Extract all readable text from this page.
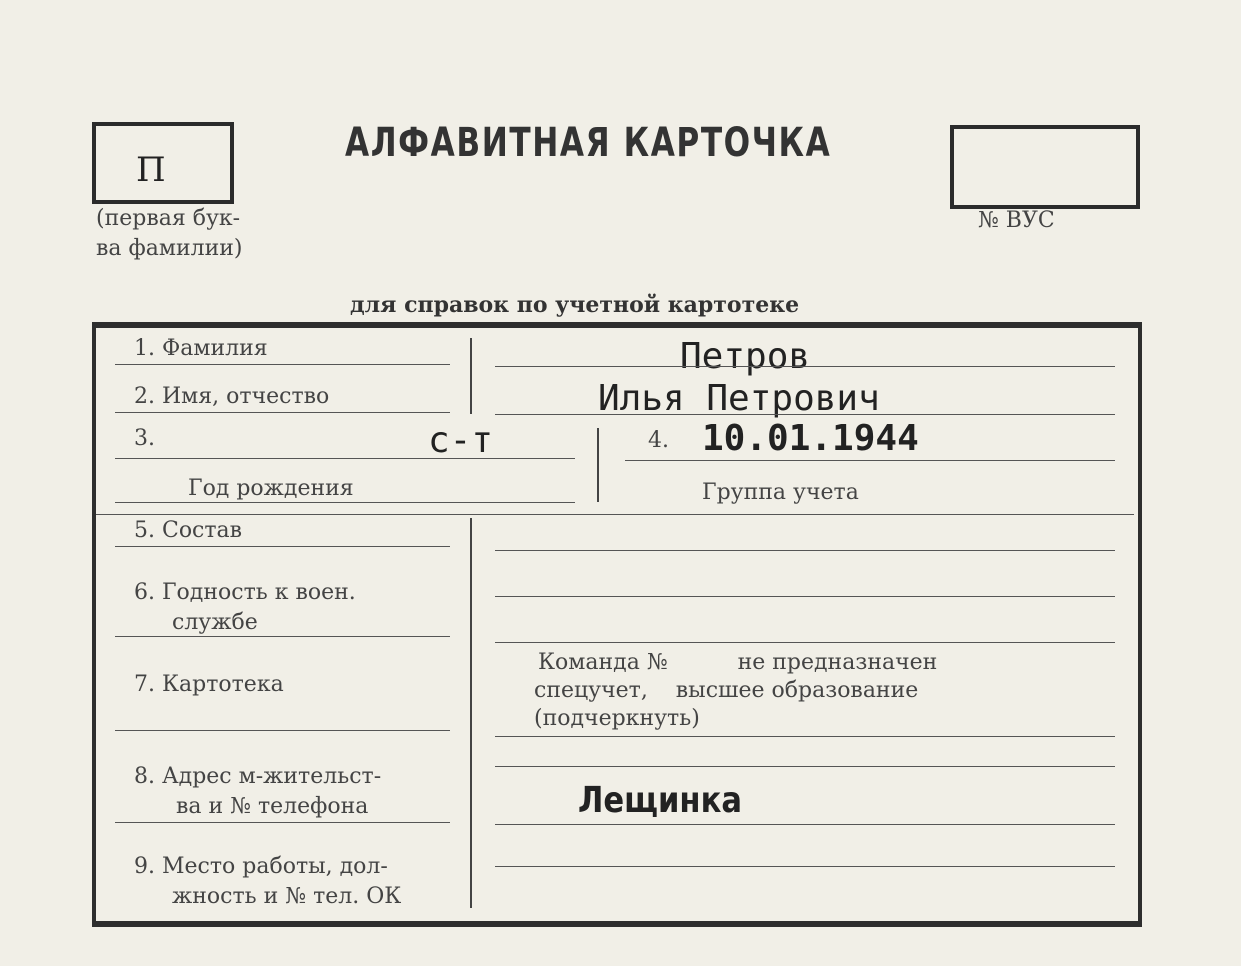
П
(первая бук-
ва фамилии)
АЛФАВИТНАЯ КАРТОЧКА
№ ВУС
для справок по учетной картотеке
1. Фамилия	Петров
2. Имя, отчество	Илья Петрович
3.	с-т
Год рождения
4. 10.01.1944
Группа учета
5. Состав
6. Годность к воен.
службе
7. Картотека
Команда №          не предназначен
спецучет,    высшее образование
(подчеркнуть)
8. Адрес м-жительст-
ва и № телефона	Лещинка
9. Место работы, дол-
жность и № тел. ОК
